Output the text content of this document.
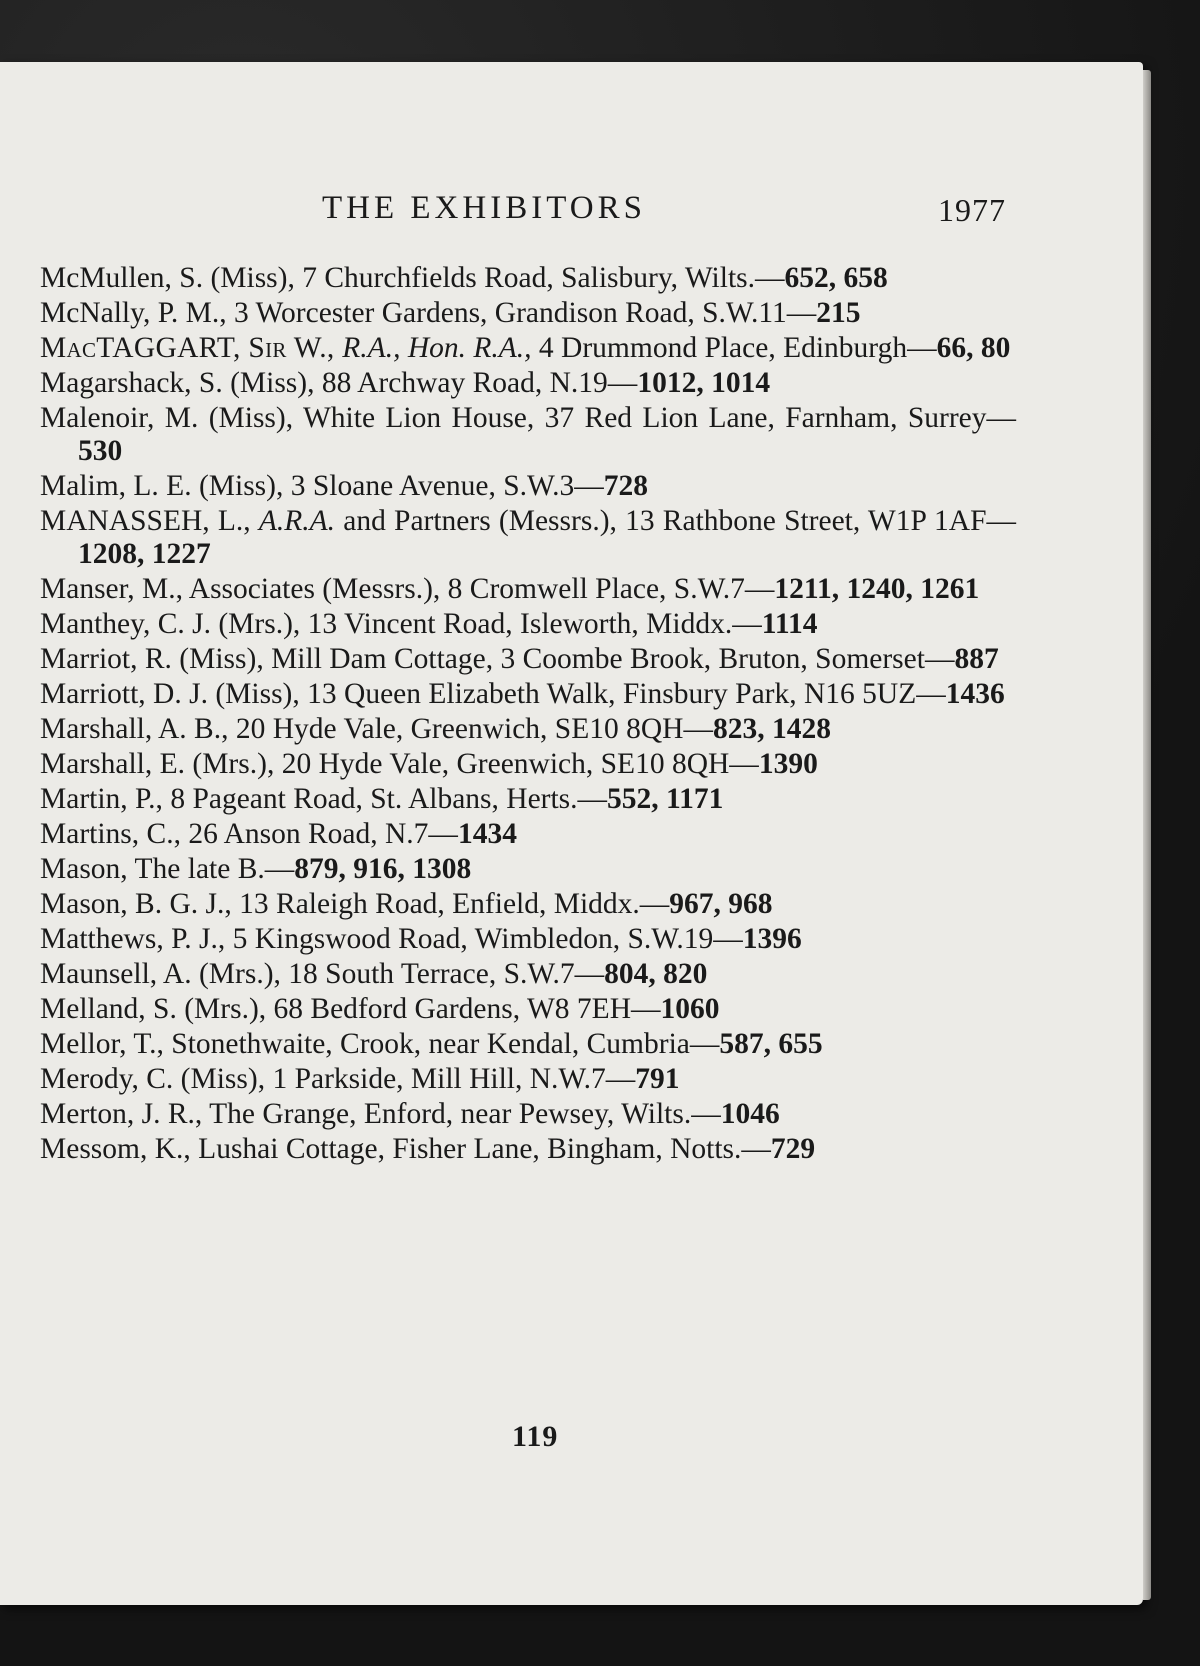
THE EXHIBITORS	1977

McMullen, S. (Miss), 7 Churchfields Road, Salisbury, Wilts.—652, 658

McNally, P. M., 3 Worcester Gardens, Grandison Road, S.W.11—215

MacTAGGART, Sir W., R.A., Hon. R.A., 4 Drummond Place, Edinburgh—66, 80

Magarshack, S. (Miss), 88 Archway Road, N.19—1012, 1014

Malenoir, M. (Miss), White Lion House, 37 Red Lion Lane, Farnham, Surrey—530

Malim, L. E. (Miss), 3 Sloane Avenue, S.W.3—728

MANASSEH, L., A.R.A. and Partners (Messrs.), 13 Rathbone Street, W1P 1AF—1208, 1227

Manser, M., Associates (Messrs.), 8 Cromwell Place, S.W.7—1211, 1240, 1261

Manthey, C. J. (Mrs.), 13 Vincent Road, Isleworth, Middx.—1114

Marriot, R. (Miss), Mill Dam Cottage, 3 Coombe Brook, Bruton, Somerset—887

Marriott, D. J. (Miss), 13 Queen Elizabeth Walk, Finsbury Park, N16 5UZ—1436

Marshall, A. B., 20 Hyde Vale, Greenwich, SE10 8QH—823, 1428

Marshall, E. (Mrs.), 20 Hyde Vale, Greenwich, SE10 8QH—1390

Martin, P., 8 Pageant Road, St. Albans, Herts.—552, 1171

Martins, C., 26 Anson Road, N.7—1434

Mason, The late B.—879, 916, 1308

Mason, B. G. J., 13 Raleigh Road, Enfield, Middx.—967, 968

Matthews, P. J., 5 Kingswood Road, Wimbledon, S.W.19—1396

Maunsell, A. (Mrs.), 18 South Terrace, S.W.7—804, 820

Melland, S. (Mrs.), 68 Bedford Gardens, W8 7EH—1060

Mellor, T., Stonethwaite, Crook, near Kendal, Cumbria—587, 655

Merody, C. (Miss), 1 Parkside, Mill Hill, N.W.7—791

Merton, J. R., The Grange, Enford, near Pewsey, Wilts.—1046

Messom, K., Lushai Cottage, Fisher Lane, Bingham, Notts.—729

119
